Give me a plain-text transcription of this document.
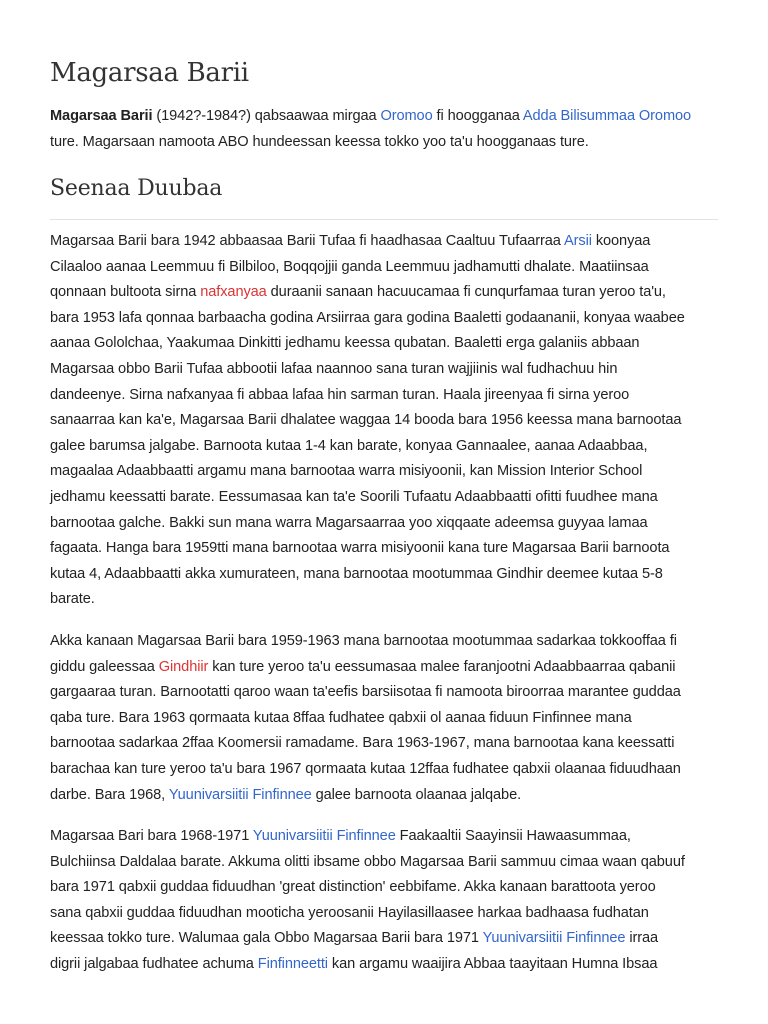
Magarsaa Barii

Magarsaa Barii (1942?-1984?) qabsaawaa mirgaa Oromoo fi hoogganaa Adda Bilisummaa Oromoo
ture. Magarsaan namoota ABO hundeessan keessa tokko yoo ta'u hoogganaas ture.

Seenaa Duubaa

Magarsaa Barii bara 1942 abbaasaa Barii Tufaa fi haadhasaa Caaltuu Tufaarraa Arsii koonyaa
Cilaaloo aanaa Leemmuu fi Bilbiloo, Boqqojjii ganda Leemmuu jadhamutti dhalate. Maatiinsaa
qonnaan bultoota sirna nafxanyaa duraanii sanaan hacuucamaa fi cunqurfamaa turan yeroo ta'u,
bara 1953 lafa qonnaa barbaacha godina Arsiirraa gara godina Baaletti godaananii, konyaa waabee
aanaa Gololchaa, Yaakumaa Dinkitti jedhamu keessa qubatan. Baaletti erga galaniis abbaan
Magarsaa obbo Barii Tufaa abbootii lafaa naannoo sana turan wajjiinis wal fudhachuu hin
dandeenye. Sirna nafxanyaa fi abbaa lafaa hin sarman turan. Haala jireenyaa fi sirna yeroo
sanaarraa kan ka'e, Magarsaa Barii dhalatee waggaa 14 booda bara 1956 keessa mana barnootaa
galee barumsa jalgabe. Barnoota kutaa 1-4 kan barate, konyaa Gannaalee, aanaa Adaabbaa,
magaalaa Adaabbaatti argamu mana barnootaa warra misiyoonii, kan Mission Interior School
jedhamu keessatti barate. Eessumasaa kan ta'e Soorili Tufaatu Adaabbaatti ofitti fuudhee mana
barnootaa galche. Bakki sun mana warra Magarsaarraa yoo xiqqaate adeemsa guyyaa lamaa
fagaata. Hanga bara 1959tti mana barnootaa warra misiyoonii kana ture Magarsaa Barii barnoota
kutaa 4, Adaabbaatti akka xumurateen, mana barnootaa mootummaa Gindhir deemee kutaa 5-8
barate.

Akka kanaan Magarsaa Barii bara 1959-1963 mana barnootaa mootummaa sadarkaa tokkooffaa fi
giddu galeessaa Gindhiir kan ture yeroo ta'u eessumasaa malee faranjootni Adaabbaarraa qabanii
gargaaraa turan. Barnootatti qaroo waan ta'eefis barsiisotaa fi namoota biroorraa marantee guddaa
qaba ture. Bara 1963 qormaata kutaa 8ffaa fudhatee qabxii ol aanaa fiduun Finfinnee mana
barnootaa sadarkaa 2ffaa Koomersii ramadame. Bara 1963-1967, mana barnootaa kana keessatti
barachaa kan ture yeroo ta'u bara 1967 qormaata kutaa 12ffaa fudhatee qabxii olaanaa fiduudhaan
darbe. Bara 1968, Yuunivarsiitii Finfinnee galee barnoota olaanaa jalqabe.

Magarsaa Bari bara 1968-1971 Yuunivarsiitii Finfinnee Faakaaltii Saayinsii Hawaasummaa,
Bulchiinsa Daldalaa barate. Akkuma olitti ibsame obbo Magarsaa Barii sammuu cimaa waan qabuuf
bara 1971 qabxii guddaa fiduudhan 'great distinction' eebbifame. Akka kanaan barattoota yeroo
sana qabxii guddaa fiduudhan mooticha yeroosanii Hayilasillaasee harkaa badhaasa fudhatan
keessaa tokko ture. Walumaa gala Obbo Magarsaa Barii bara 1971 Yuunivarsiitii Finfinnee irraa
digrii jalgabaa fudhatee achuma Finfinneetti kan argamu waaijira Abbaa taayitaan Humna Ibsaa
